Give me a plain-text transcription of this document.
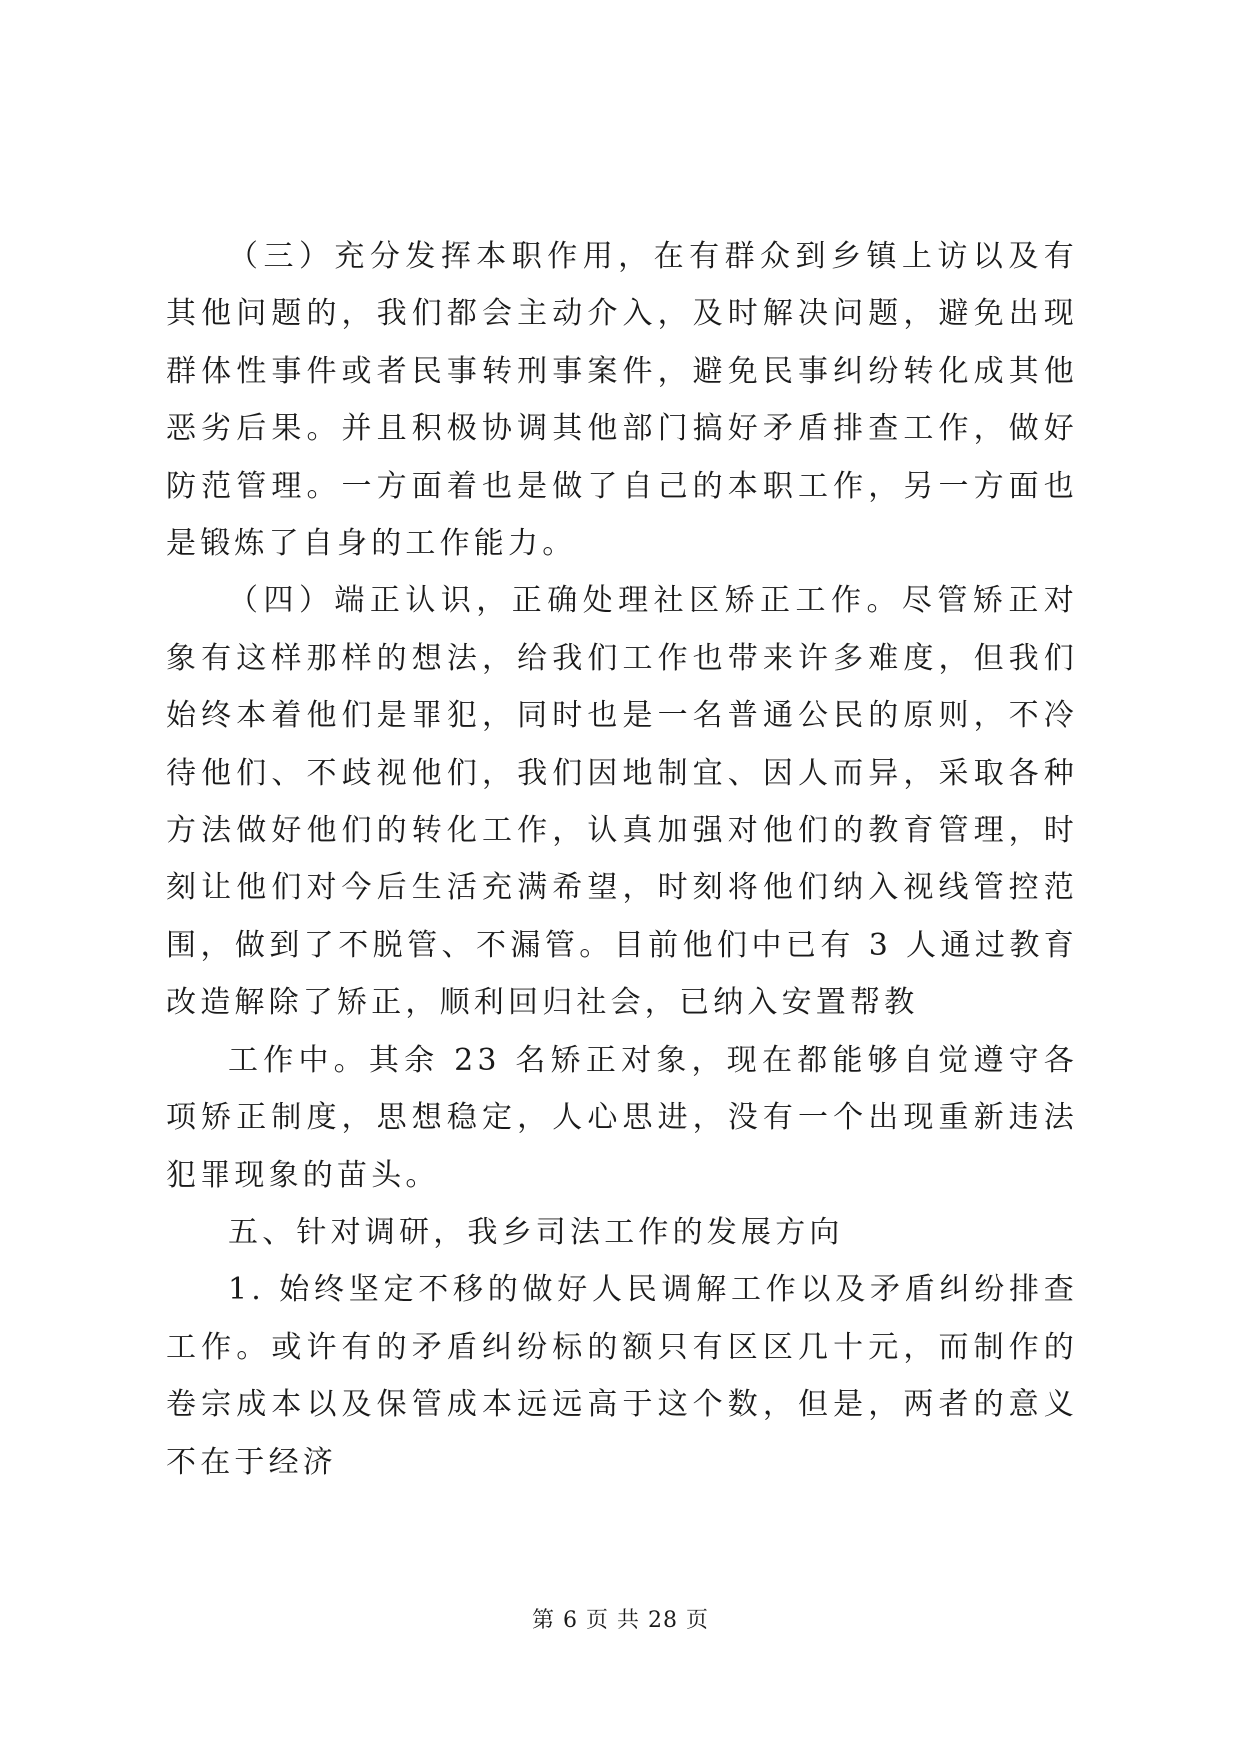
（三）充分发挥本职作用，在有群众到乡镇上访以及有其他问题的，我们都会主动介入，及时解决问题，避免出现群体性事件或者民事转刑事案件，避免民事纠纷转化成其他恶劣后果。并且积极协调其他部门搞好矛盾排查工作，做好防范管理。一方面着也是做了自己的本职工作，另一方面也是锻炼了自身的工作能力。

（四）端正认识，正确处理社区矫正工作。尽管矫正对象有这样那样的想法，给我们工作也带来许多难度，但我们始终本着他们是罪犯，同时也是一名普通公民的原则，不冷待他们、不歧视他们，我们因地制宜、因人而异，采取各种方法做好他们的转化工作，认真加强对他们的教育管理，时刻让他们对今后生活充满希望，时刻将他们纳入视线管控范围，做到了不脱管、不漏管。目前他们中已有 3 人通过教育改造解除了矫正，顺利回归社会，已纳入安置帮教

工作中。其余 23 名矫正对象，现在都能够自觉遵守各项矫正制度，思想稳定，人心思进，没有一个出现重新违法犯罪现象的苗头。

五、针对调研，我乡司法工作的发展方向

1. 始终坚定不移的做好人民调解工作以及矛盾纠纷排查工作。或许有的矛盾纠纷标的额只有区区几十元，而制作的卷宗成本以及保管成本远远高于这个数，但是，两者的意义不在于经济

第 6 页 共 28 页
